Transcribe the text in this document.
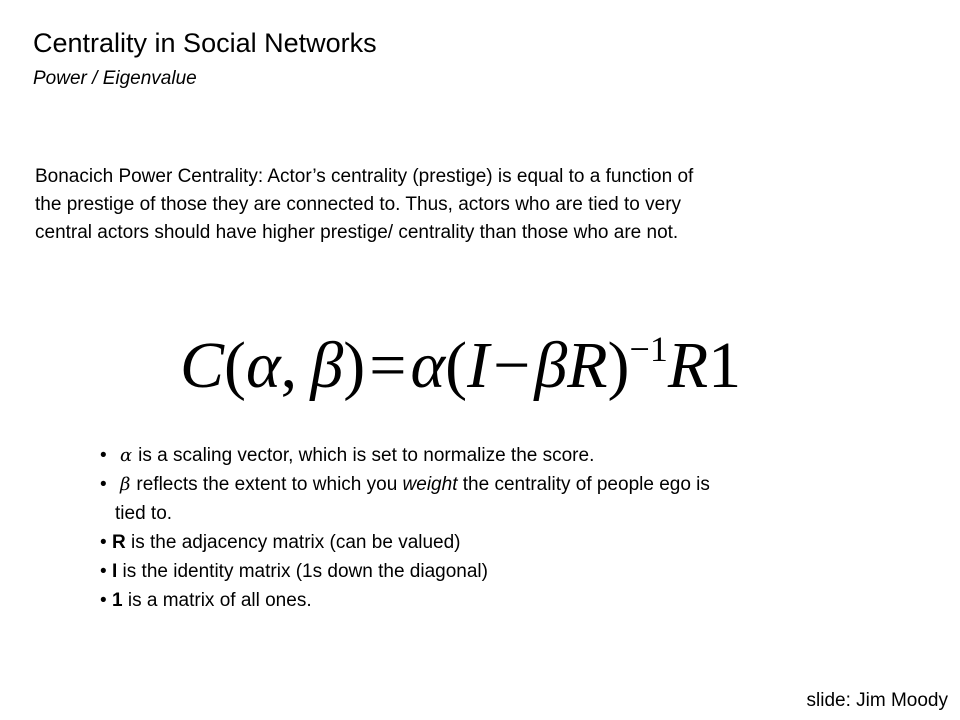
Centrality in Social Networks
Power / Eigenvalue
Bonacich Power Centrality: Actor’s centrality (prestige) is equal to a function of
the prestige of those they are connected to. Thus, actors who are tied to very
central actors should have higher prestige/ centrality than those who are not.
C(α,  $\beta)=\alpha(I-\beta R)^{-1}R1$
• α is a scaling vector, which is set to normalize the score.
• β reflects the extent to which you weight the centrality of people ego is
tied to.
• R is the adjacency matrix (can be valued)
• I is the identity matrix (1s down the diagonal)
• 1 is a matrix of all ones.
slide: Jim Moody
